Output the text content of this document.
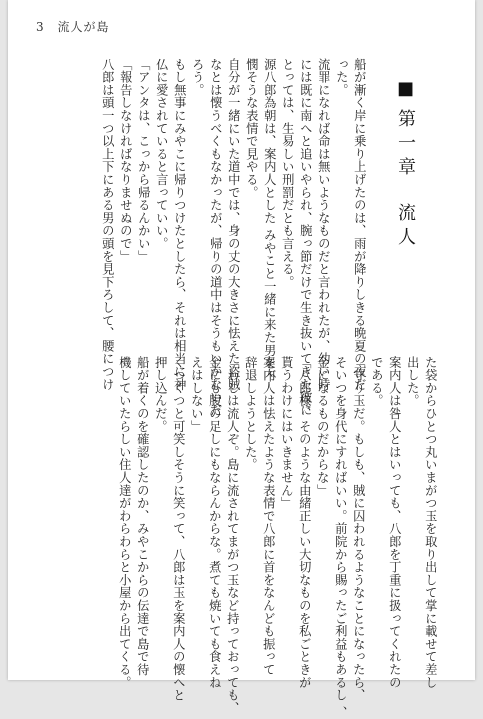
3 流人が島
■第一章流人
船が漸く岸に乗り上げたのは、雨が降りしきる晩夏の夜だ
った。
流罪になれば命は無いようなものだと言われたが、幼い時
には既に南へと追いやられ、腕っ節だけで生き抜いてきた彼に
とっては、生易しい刑罰だとも言える。
源八郎為朝は、案内人とした みやこと一緒に来た男を不
憫そうな表情で見やる。
自分が一緒にいた道中では、身の丈の大きさに怯えた盗賊
なとは懐うべくもなかったが、帰りの道中はそうもいかないだ
ろう。
もし無事にみやこに帰りつけたとしたら、それは相当に神
仏に愛されていると言っていい。
「アンタは、こっから帰るんかい」
「報告しなければなりませぬので」
八郎は頭一つ以上下にある男の頭を見下ろして、腰につけ
た袋からひとつ丸いまがつ玉を取り出して掌に載せて差し
出した。
案内人は咎人とはいっても、八郎を丁重に扱ってくれたの
である。
「守り玉だ。もしも、賊に囚われるようなことになったら、
そいつを身代にすればいい。前院から賜ったご利益もあるし 、
金になるものだからな」
「八郎様、そのような由緒正しい大切なものを私ごときが
貰うわけにはいきません」
案内人は怯えたような表情で八郎に首をなんども振って
辞退しようとした。
「わしは流人ぞ。島に流されてまがつ玉など持っておっても、
金にも腹の足しにもならんからな。煮ても焼いても食えね
えはしない」
くつくつと可笑しそうに笑って、八郎は玉を案内人の懐へと
押し込んだ。
船が着くのを確認したのか、みやこからの伝達で島で待
機していたらしい住人達がわらわらと小屋から出てくる。
